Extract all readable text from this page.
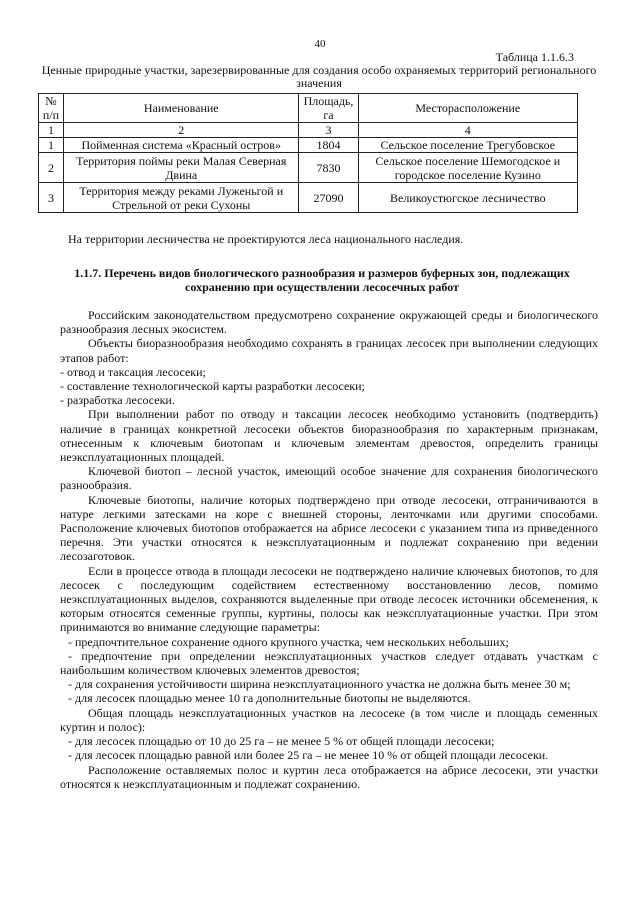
40
Таблица 1.1.6.3
Ценные природные участки, зарезервированные для создания особо охраняемых территорий регионального значения
№ п/п	Наименование	Площадь, га	Месторасположение
1	2	3	4
1	Пойменная система «Красный остров»	1804	Сельское поселение Трегубовское
2	Территория поймы реки Малая Северная Двина	7830	Сельское поселение Шемогодское и городское поселение Кузино
3	Территория между реками Луженьгой и Стрельной от реки Сухоны	27090	Великоустюгское лесничество
На территории лесничества не проектируются леса национального наследия.
1.1.7. Перечень видов биологического разнообразия и размеров буферных зон, подлежащих сохранению при осуществлении лесосечных работ

Российским законодательством предусмотрено сохранение окружающей среды и биологического разнообразия лесных экосистем.

Объекты биоразнообразия необходимо сохранять в границах лесосек при выполнении следующих этапов работ:

- отвод и таксация лесосеки;

- составление технологической карты разработки лесосеки;

- разработка лесосеки.

При выполнении работ по отводу и таксации лесосек необходимо установить (подтвердить) наличие в границах конкретной лесосеки объектов биоразнообразия по характерным признакам, отнесенным к ключевым биотопам и ключевым элементам древостоя, определить границы неэксплуатационных площадей.

Ключевой биотоп – лесной участок, имеющий особое значение для сохранения биологического разнообразия.

Ключевые биотопы, наличие которых подтверждено при отводе лесосеки, отграничиваются в натуре легкими затесками на коре с внешней стороны, ленточками или другими способами. Расположение ключевых биотопов отображается на абрисе лесосеки с указанием типа из приведенного перечня. Эти участки относятся к неэксплуатационным и подлежат сохранению при ведении лесозаготовок.

Если в процессе отвода в площади лесосеки не подтверждено наличие ключевых биотопов, то для лесосек с последующим содействием естественному восстановлению лесов, помимо неэксплуатационных выделов, сохраняются выделенные при отводе лесосек источники обсеменения, к которым относятся семенные группы, куртины, полосы как неэксплуатационные участки. При этом принимаются во внимание следующие параметры:

- предпочтительное сохранение одного крупного участка, чем нескольких небольших;

- предпочтение при определении неэксплуатационных участков следует отдавать участкам с наибольшим количеством ключевых элементов древостоя;

- для сохранения устойчивости ширина неэксплуатационного участка не должна быть менее 30 м;

- для лесосек площадью менее 10 га дополнительные биотопы не выделяются.

Общая площадь неэксплуатационных участков на лесосеке (в том числе и площадь семенных куртин и полос):

- для лесосек площадью от 10 до 25 га – не менее 5 % от общей площади лесосеки;

- для лесосек площадью равной или более 25 га – не менее 10 % от общей площади лесосеки.

Расположение оставляемых полос и куртин леса отображается на абрисе лесосеки, эти участки относятся к неэксплуатационным и подлежат сохранению.
